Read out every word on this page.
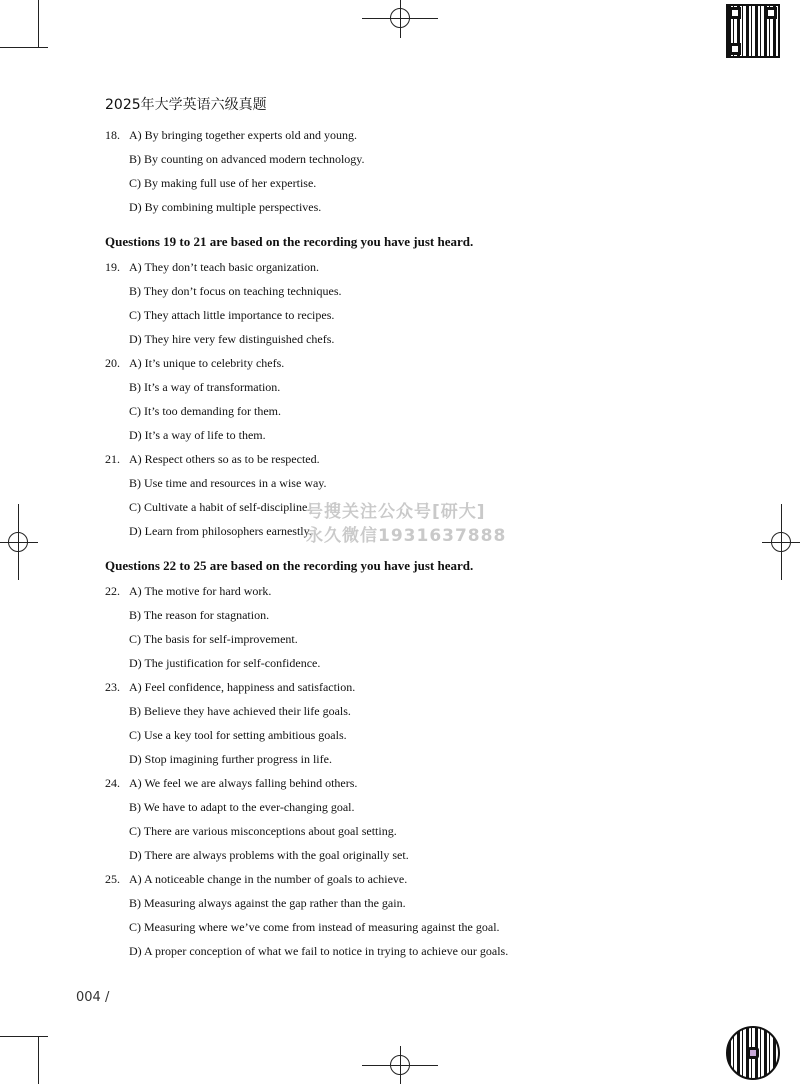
2025年大学英语六级真题
18. A) By bringing together experts old and young.
B) By counting on advanced modern technology.
C) By making full use of her expertise.
D) By combining multiple perspectives.
Questions 19 to 21 are based on the recording you have just heard.
19. A) They don’t teach basic organization.
B) They don’t focus on teaching techniques.
C) They attach little importance to recipes.
D) They hire very few distinguished chefs.
20. A) It’s unique to celebrity chefs.
B) It’s a way of transformation.
C) It’s too demanding for them.
D) It’s a way of life to them.
21. A) Respect others so as to be respected.
B) Use time and resources in a wise way.
C) Cultivate a habit of self-discipline.
D) Learn from philosophers earnestly.
Questions 22 to 25 are based on the recording you have just heard.
22. A) The motive for hard work.
B) The reason for stagnation.
C) The basis for self-improvement.
D) The justification for self-confidence.
23. A) Feel confidence, happiness and satisfaction.
B) Believe they have achieved their life goals.
C) Use a key tool for setting ambitious goals.
D) Stop imagining further progress in life.
24. A) We feel we are always falling behind others.
B) We have to adapt to the ever-changing goal.
C) There are various misconceptions about goal setting.
D) There are always problems with the goal originally set.
25. A) A noticeable change in the number of goals to achieve.
B) Measuring always against the gap rather than the gain.
C) Measuring where we’ve come from instead of measuring against the goal.
D) A proper conception of what we fail to notice in trying to achieve our goals.
号搜关注公众号[研大]
永久微信1931637888
004 /
